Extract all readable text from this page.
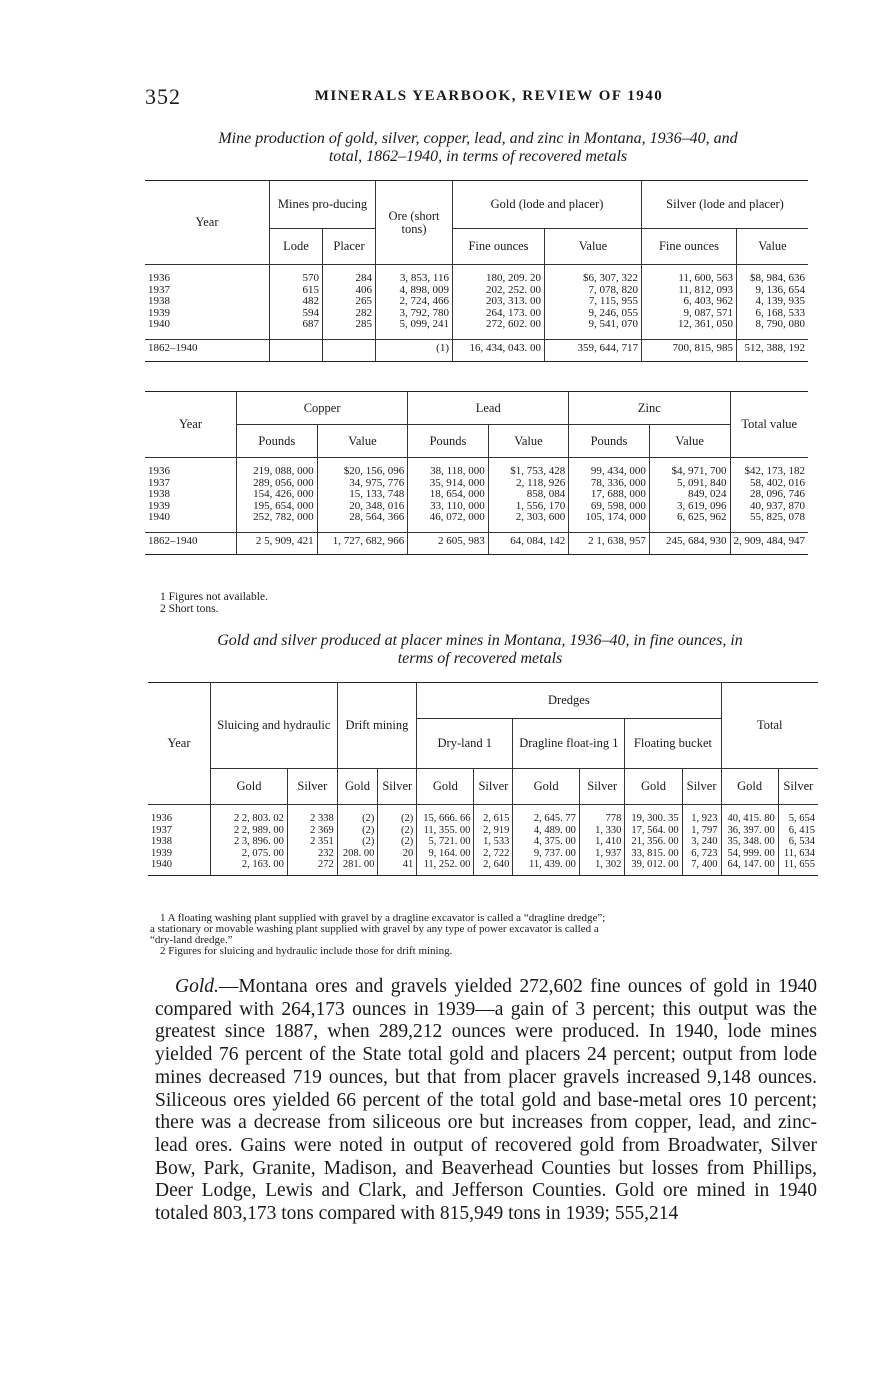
352	MINERALS YEARBOOK, REVIEW OF 1940
Mine production of gold, silver, copper, lead, and zinc in Montana, 1936–40, and
total, 1862–1940, in terms of recovered metals
Year	Mines pro-ducing		Ore (short tons)	Gold (lode and placer)		Silver (lode and placer)	
	Lode	Placer		Fine ounces	Value	Fine ounces	Value

1936	570	284	3, 853, 116	180, 209. 20	$6, 307, 322	11, 600, 563	$8, 984, 636
1937	615	406	4, 898, 009	202, 252. 00	7, 078, 820	11, 812, 093	9, 136, 654
1938	482	265	2, 724, 466	203, 313. 00	7, 115, 955	6, 403, 962	4, 139, 935
1939	594	282	3, 792, 780	264, 173. 00	9, 246, 055	9, 087, 571	6, 168, 533
1940	687	285	5, 099, 241	272, 602. 00	9, 541, 070	12, 361, 050	8, 790, 080

1862–1940			(1)	16, 434, 043. 00	359, 644, 717	700, 815, 985	512, 388, 192

Year	Copper		Lead		Zinc		Total value
	Pounds	Value	Pounds	Value	Pounds	Value	

1936	219, 088, 000	$20, 156, 096	38, 118, 000	$1, 753, 428	99, 434, 000	$4, 971, 700	$42, 173, 182
1937	289, 056, 000	34, 975, 776	35, 914, 000	2, 118, 926	78, 336, 000	5, 091, 840	58, 402, 016
1938	154, 426, 000	15, 133, 748	18, 654, 000	858, 084	17, 688, 000	849, 024	28, 096, 746
1939	195, 654, 000	20, 348, 016	33, 110, 000	1, 556, 170	69, 598, 000	3, 619, 096	40, 937, 870
1940	252, 782, 000	28, 564, 366	46, 072, 000	2, 303, 600	105, 174, 000	6, 625, 962	55, 825, 078

1862–1940	2 5, 909, 421	1, 727, 682, 966	2 605, 983	64, 084, 142	2 1, 638, 957	245, 684, 930	2, 909, 484, 947

1 Figures not available.
2 Short tons.
Gold and silver produced at placer mines in Montana, 1936–40, in fine ounces, in
terms of recovered metals
Year	Sluicing and hydraulic		Drift mining		Dredges						Total	
					Dry-land 1		Dragline float-ing 1		Floating bucket			
	Gold	Silver	Gold	Silver	Gold	Silver	Gold	Silver	Gold	Silver	Gold	Silver

1936	2 2, 803. 02	2 338	(2)	(2)	15, 666. 66	2, 615	2, 645. 77	778	19, 300. 35	1, 923	40, 415. 80	5, 654
1937	2 2, 989. 00	2 369	(2)	(2)	11, 355. 00	2, 919	4, 489. 00	1, 330	17, 564. 00	1, 797	36, 397. 00	6, 415
1938	2 3, 896. 00	2 351	(2)	(2)	5, 721. 00	1, 533	4, 375. 00	1, 410	21, 356. 00	3, 240	35, 348. 00	6, 534
1939	2, 075. 00	232	208. 00	20	9, 164. 00	2, 722	9, 737. 00	1, 937	33, 815. 00	6, 723	54, 999. 00	11, 634
1940	2, 163. 00	272	281. 00	41	11, 252. 00	2, 640	11, 439. 00	1, 302	39, 012. 00	7, 400	64, 147. 00	11, 655

1 A floating washing plant supplied with gravel by a dragline excavator is called a “dragline dredge”;
a stationary or movable washing plant supplied with gravel by any type of power excavator is called a
“dry-land dredge.”
2 Figures for sluicing and hydraulic include those for drift mining.
Gold.—Montana ores and gravels yielded 272,602 fine ounces of gold in 1940 compared with 264,173 ounces in 1939—a gain of 3 percent; this output was the greatest since 1887, when 289,212 ounces were produced. In 1940, lode mines yielded 76 percent of the State total gold and placers 24 percent; output from lode mines decreased 719 ounces, but that from placer gravels increased 9,148 ounces. Siliceous ores yielded 66 percent of the total gold and base-metal ores 10 percent; there was a decrease from siliceous ore but increases from copper, lead, and zinc-lead ores. Gains were noted in output of recovered gold from Broadwater, Silver Bow, Park, Granite, Madison, and Beaverhead Counties but losses from Phillips, Deer Lodge, Lewis and Clark, and Jefferson Counties. Gold ore mined in 1940 totaled 803,173 tons compared with 815,949 tons in 1939; 555,214
